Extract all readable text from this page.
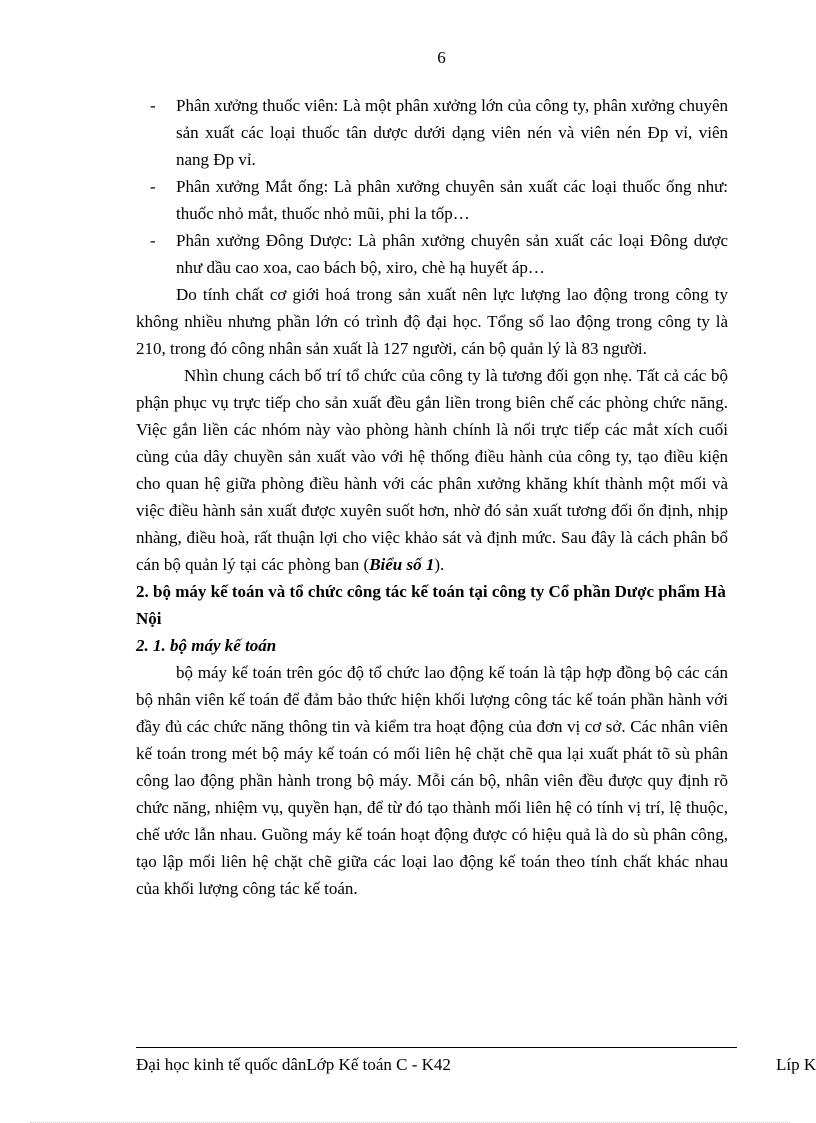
6

- Phân xưởng thuốc viên: Là một phân xưởng lớn của công ty, phân xưởng chuyên sản xuất các loại thuốc tân dược dưới dạng viên nén và viên nén Đp vỉ, viên nang Đp vỉ.

- Phân xưởng Mắt ống: Là phân xưởng chuyên sản xuất các loại thuốc ống như: thuốc nhỏ mắt, thuốc nhỏ mũi, phi la tốp…

- Phân xưởng Đông Dược: Là phân xưởng chuyên sản xuất các loại Đông dược như dầu cao xoa, cao bách bộ, xiro, chè hạ huyết áp…

Do tính chất cơ giới hoá trong sản xuất nên lực lượng lao động trong công ty không nhiều nhưng phần lớn có trình độ đại học. Tổng số lao động trong công ty là 210, trong đó công nhân sản xuất là 127 người, cán bộ quản lý là 83 người.

Nhìn chung cách bố trí tổ chức của công ty là tương đối gọn nhẹ. Tất cả các bộ phận phục vụ trực tiếp cho sản xuất đều gắn liền trong biên chế các phòng chức năng. Việc gắn liền các nhóm này vào phòng hành chính là nối trực tiếp các mắt xích cuối cùng của dây chuyền sản xuất vào với hệ thống điều hành của công ty, tạo điều kiện cho quan hệ giữa phòng điều hành với các phân xưởng khăng khít thành một mối và việc điều hành sản xuất được xuyên suốt hơn, nhờ đó sản xuất tương đối ổn định, nhịp nhàng, điều hoà, rất thuận lợi cho việc khảo sát và định mức. Sau đây là cách phân bổ cán bộ quản lý tại các phòng ban (Biểu số 1).

2. bộ máy kế toán và tổ chức công tác kế toán tại công ty Cổ phần Dược phẩm Hà Nội

2. 1. bộ máy kế toán

bộ máy kế toán trên góc độ tổ chức lao động kế toán là tập hợp đồng bộ các cán bộ nhân viên kế toán để đảm bảo thức hiện khối lượng công tác kế toán phần hành với đầy đủ các chức năng thông tin và kiểm tra hoạt động của đơn vị cơ sở. Các nhân viên kế toán trong mét bộ máy kế toán có mối liên hệ chặt chẽ qua lại xuất phát tõ sù phân công lao động phần hành trong bộ máy. Mỗi cán bộ, nhân viên đều được quy định rõ chức năng, nhiệm vụ, quyền hạn, để từ đó tạo thành mối liên hệ có tính vị trí, lệ thuộc, chế ước lẫn nhau. Guồng máy kế toán hoạt động được có hiệu quả là do sù phân công, tạo lập mối liên hệ chặt chẽ giữa các loại lao động kế toán theo tính chất khác nhau của khối lượng công tác kế toán.

Đại học kinh tế quốc dânLớp Kế toán C - K42	Líp K
